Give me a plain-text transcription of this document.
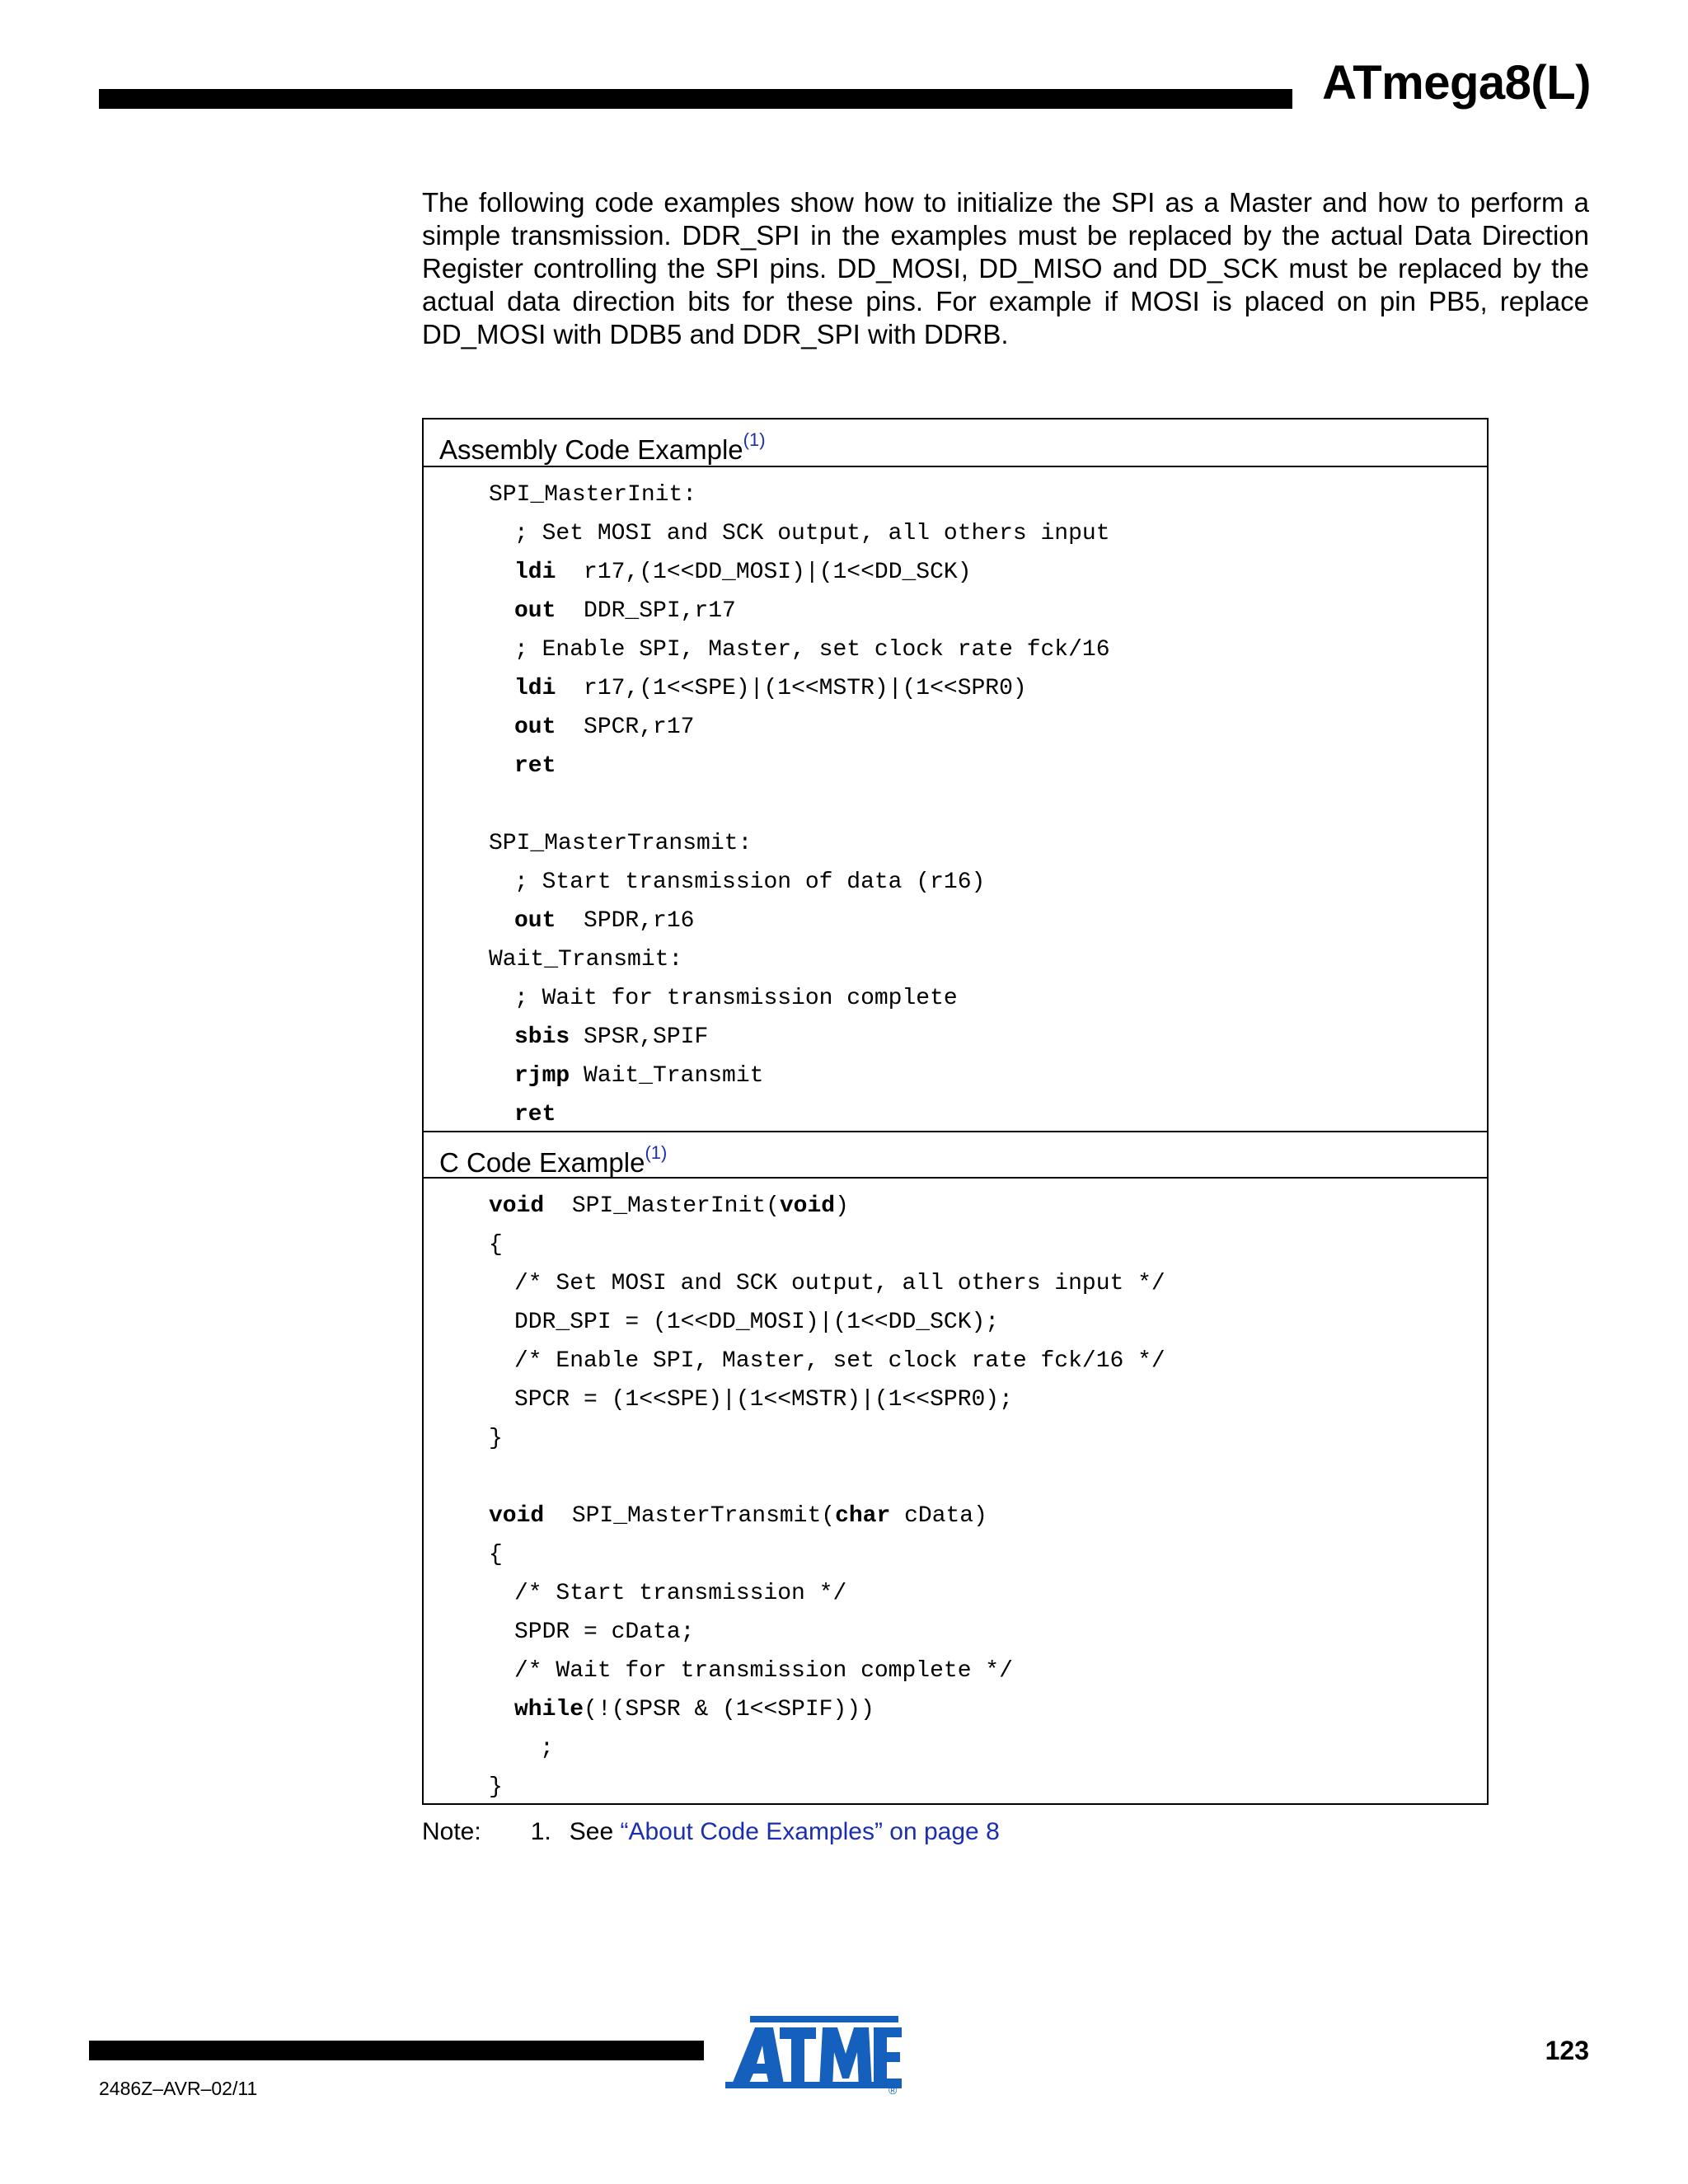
ATmega8(L)
The following code examples show how to initialize the SPI as a Master and how to perform a simple transmission. DDR_SPI in the examples must be replaced by the actual Data Direction Register controlling the SPI pins. DD_MOSI, DD_MISO and DD_SCK must be replaced by the actual data direction bits for these pins. For example if MOSI is placed on pin PB5, replace DD_MOSI with DDB5 and DDR_SPI with DDRB.
Assembly Code Example$^{(1)}$
SPI_MasterInit:
; Set MOSI and SCK output, all others input
ldi  r17,(1<<DD_MOSI)|(1<<DD_SCK)
out  DDR_SPI,r17
; Enable SPI, Master, set clock rate fck/16
ldi  r17,(1<<SPE)|(1<<MSTR)|(1<<SPR0)
out  SPCR,r17
ret
SPI_MasterTransmit:
; Start transmission of data (r16)
out  SPDR,r16
Wait_Transmit:
; Wait for transmission complete
sbis SPSR,SPIF
rjmp Wait_Transmit
ret
C Code Example$^{(1)}$
void  SPI_MasterInit(void)
{
/* Set MOSI and SCK output, all others input */
DDR_SPI = (1<<DD_MOSI)|(1<<DD_SCK);
/* Enable SPI, Master, set clock rate fck/16 */
SPCR = (1<<SPE)|(1<<MSTR)|(1<<SPR0);
}
void  SPI_MasterTransmit(char cData)
{
/* Start transmission */
SPDR = cData;
/* Wait for transmission complete */
while(!(SPSR & (1<<SPIF)))
;
}
Note: 1. See “About Code Examples” on page 8
2486Z–AVR–02/11
123
®
